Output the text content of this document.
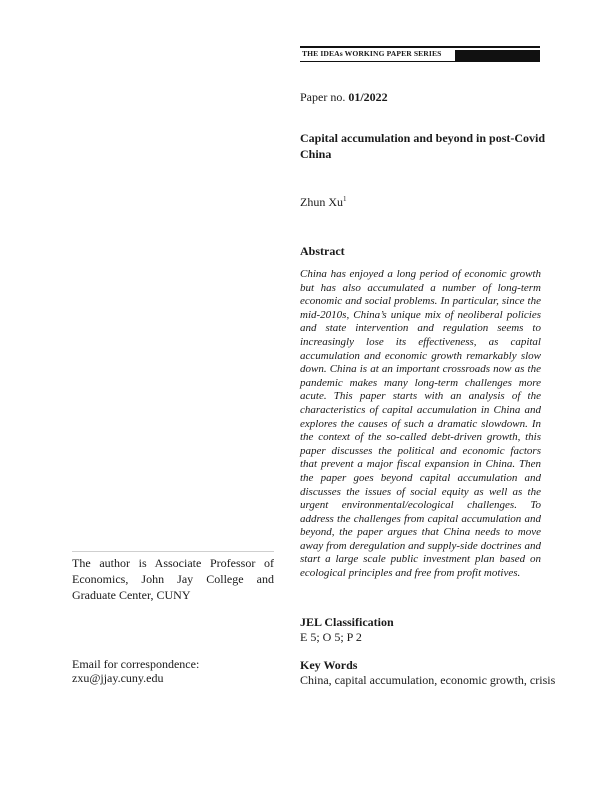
THE IDEAs WORKING PAPER SERIES
Paper no. 01/2022
Capital accumulation and beyond in post-Covid China
Zhun Xu$^1$
Abstract
China has enjoyed a long period of economic growth but has also accumulated a number of long-term economic and social problems. In particular, since the mid-2010s, China’s unique mix of neoliberal policies and state intervention and regulation seems to increasingly lose its effectiveness, as capital accumulation and economic growth remarkably slow down. China is at an important crossroads now as the pandemic makes many long-term challenges more acute. This paper starts with an analysis of the characteristics of capital accumulation in China and explores the causes of such a dramatic slowdown. In the context of the so-called debt-driven growth, this paper discusses the political and economic factors that prevent a major fiscal expansion in China. Then the paper goes beyond capital accumulation and discusses the issues of social equity as well as the urgent environmental/ecological challenges. To address the challenges from capital accumulation and beyond, the paper argues that China needs to move away from deregulation and supply-side doctrines and start a large scale public investment plan based on ecological principles and free from profit motives.
JEL Classification
E 5; O 5; P 2
Key Words
China, capital accumulation, economic growth, crisis
The author is Associate Professor of Economics, John Jay College and Graduate Center, CUNY
Email for correspondence:
zxu@jjay.cuny.edu
